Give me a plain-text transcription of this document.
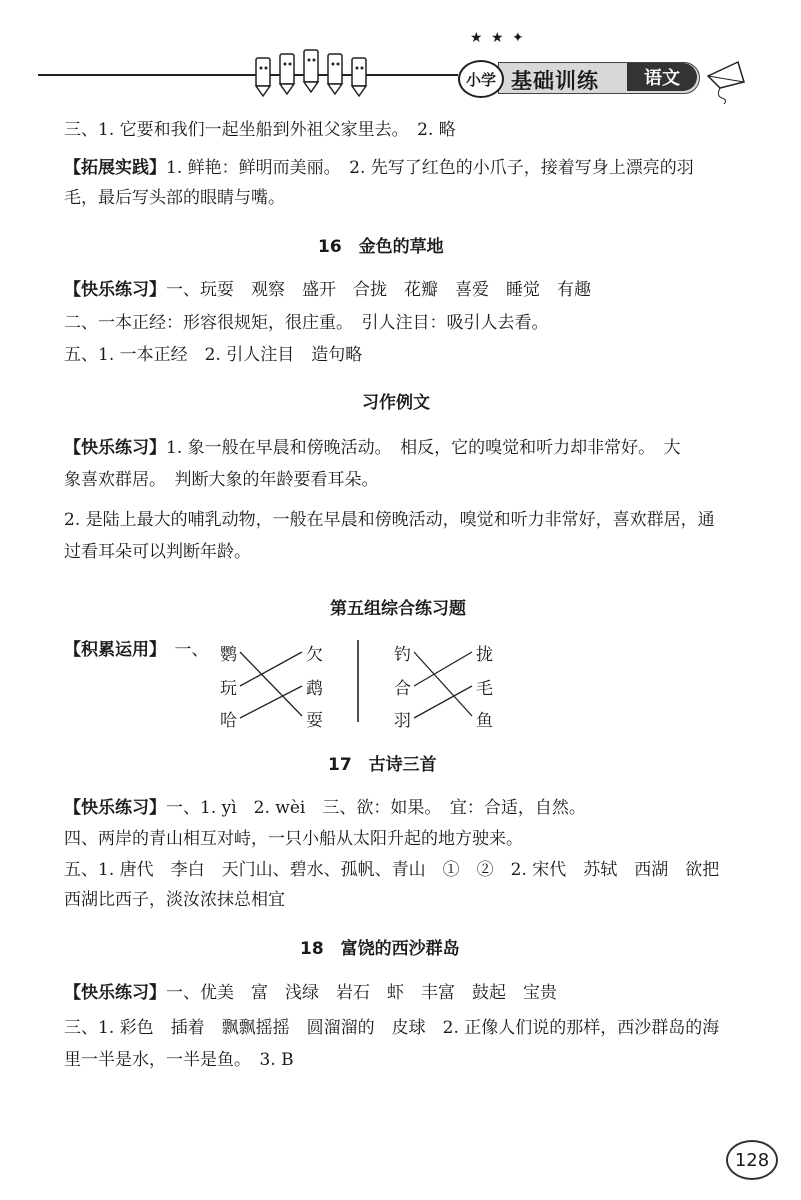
★ ★ ✦
基础训练	语文
小学
三、1. 它要和我们一起坐船到外祖父家里去。　2. 略
【拓展实践】1. 鲜艳：鲜明而美丽。　2. 先写了红色的小爪子，接着写身上漂亮的羽
毛，最后写头部的眼睛与嘴。
16　金色的草地
【快乐练习】一、玩耍　观察　盛开　合拢　花瓣　喜爱　睡觉　有趣
二、一本正经：形容很规矩，很庄重。　引人注目：吸引人去看。
五、1. 一本正经　2. 引人注目　造句略
习作例文
【快乐练习】1. 象一般在早晨和傍晚活动。　相反，它的嗅觉和听力却非常好。　大
象喜欢群居。　判断大象的年龄要看耳朵。
2. 是陆上最大的哺乳动物，一般在早晨和傍晚活动，嗅觉和听力非常好，喜欢群居，通
过看耳朵可以判断年龄。
第五组综合练习题
【积累运用】　 一、 鹦
玩
哈
欠
鹉
耍
钓
合
羽
拢
毛
鱼
17　古诗三首
【快乐练习】一、1. yì　2. wèi　三、欲：如果。　宜：合适，自然。
四、两岸的青山相互对峙，一只小船从太阳升起的地方驶来。
五、1. 唐代　李白　天门山、碧水、孤帆、青山　①　②　2. 宋代　苏轼　西湖　欲把
西湖比西子，淡汝浓抹总相宜
18　富饶的西沙群岛
【快乐练习】一、优美　富　浅绿　岩石　虾　丰富　鼓起　宝贵
三、1. 彩色　插着　飘飘摇摇　圆溜溜的　皮球　2. 正像人们说的那样，西沙群岛的海
里一半是水，一半是鱼。　3. B
128
